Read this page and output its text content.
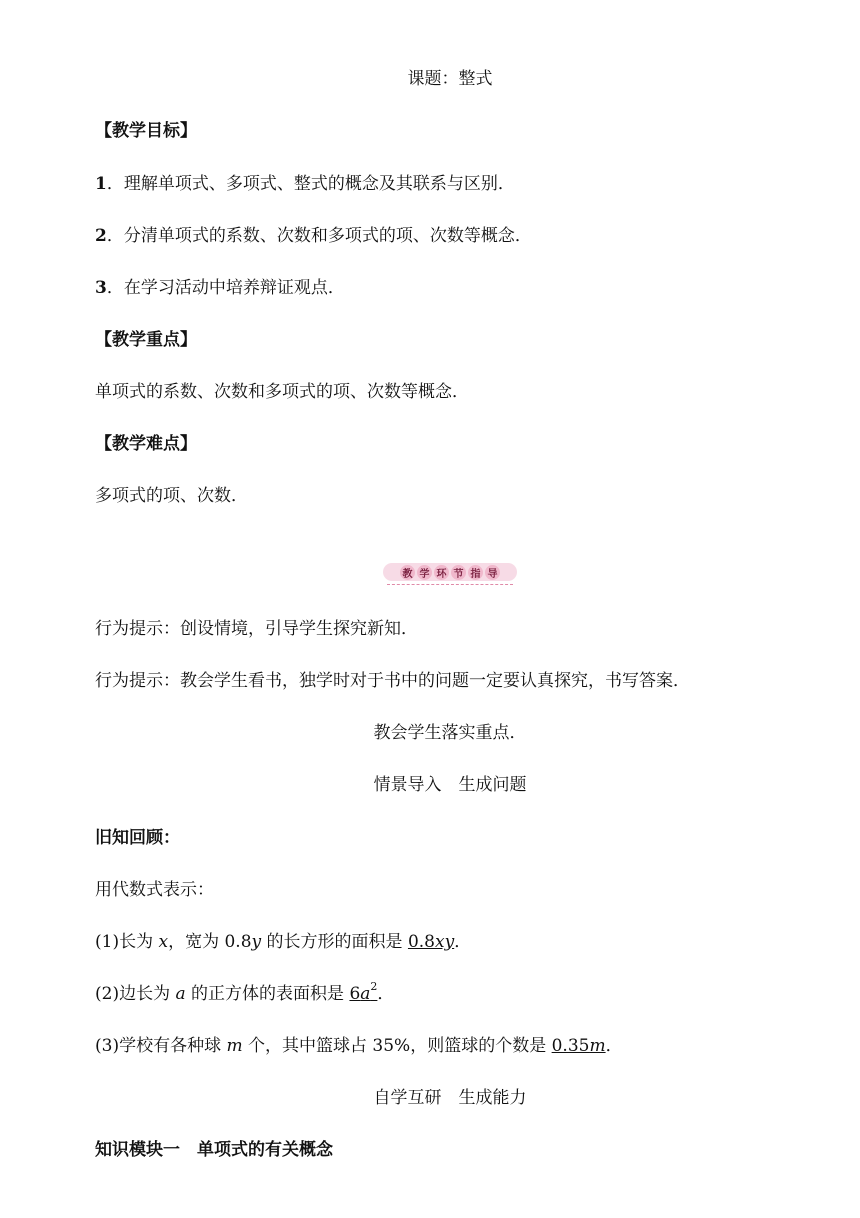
课题：整式
【教学目标】
1．理解单项式、多项式、整式的概念及其联系与区别．
2．分清单项式的系数、次数和多项式的项、次数等概念．
3．在学习活动中培养辩证观点．
【教学重点】
单项式的系数、次数和多项式的项、次数等概念．
【教学难点】
多项式的项、次数．
教 学 环 节 指 导
行为提示：创设情境，引导学生探究新知．
行为提示：教会学生看书，独学时对于书中的问题一定要认真探究，书写答案．
教会学生落实重点．
情景导入　生成问题
旧知回顾：
用代数式表示：
(1)长为 x，宽为 0.8y 的长方形的面积是 0.8xy．
(2)边长为 a 的正方体的表面积是 $6a^2$．
(3)学校有各种球 m 个，其中篮球占 35%，则篮球的个数是 0.35m．
自学互研　生成能力
知识模块一　单项式的有关概念
